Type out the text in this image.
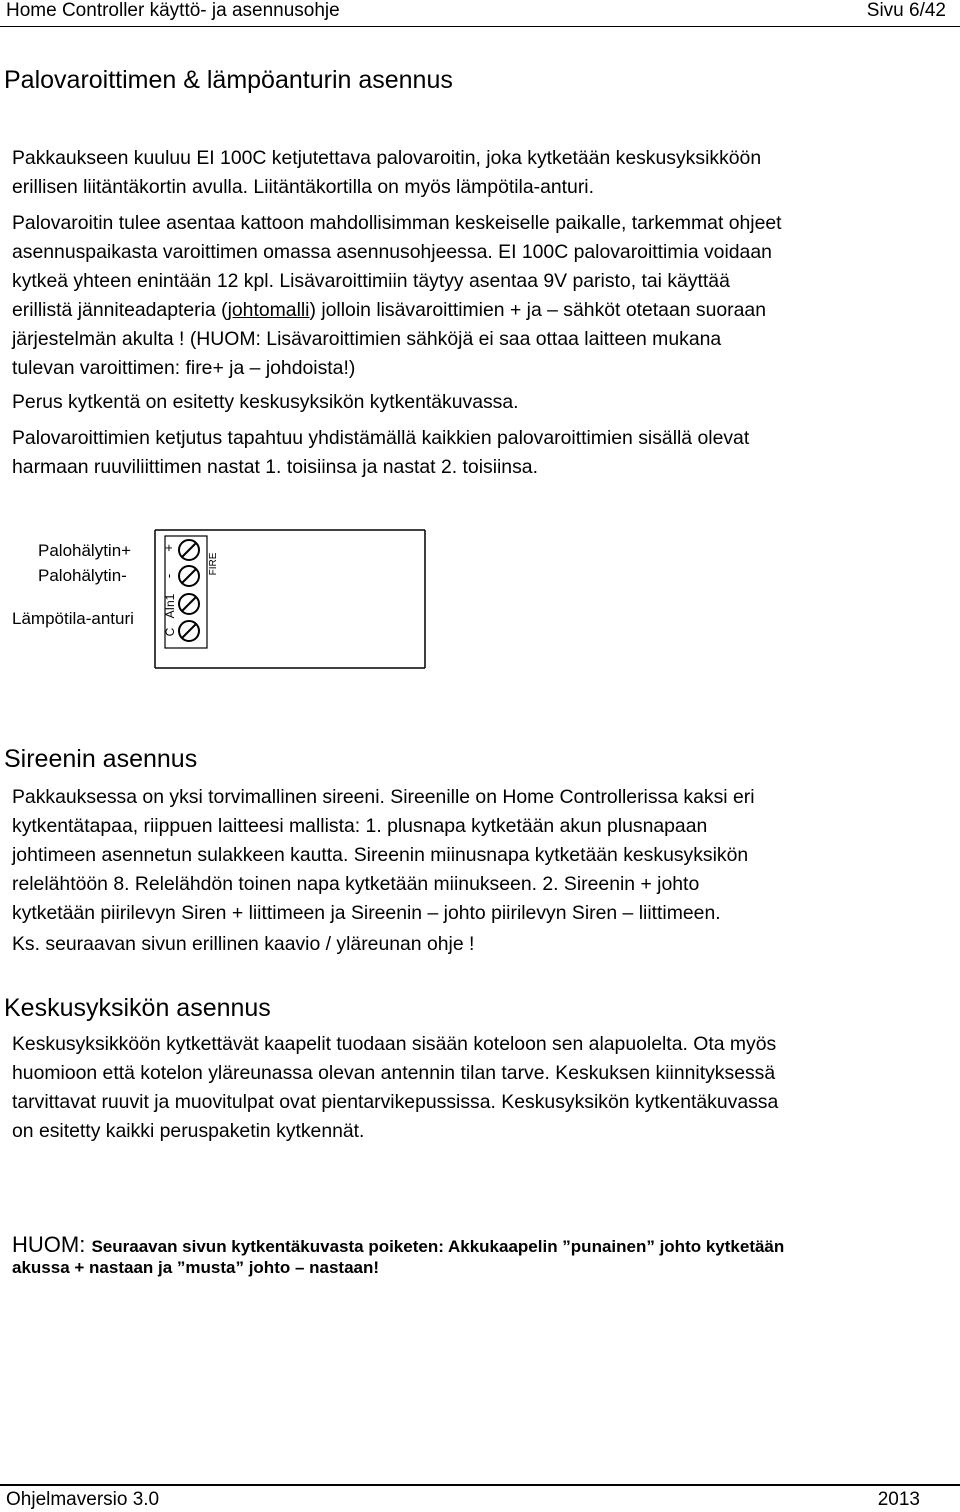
Home Controller käyttö- ja asennusohje	Sivu 6/42
Palovaroittimen & lämpöanturin asennus

Pakkaukseen kuuluu EI 100C ketjutettava palovaroitin, joka kytketään keskusyksikköön
erillisen liitäntäkortin avulla. Liitäntäkortilla on myös lämpötila-anturi.

Palovaroitin tulee asentaa kattoon mahdollisimman keskeiselle paikalle, tarkemmat ohjeet
asennuspaikasta varoittimen omassa asennusohjeessa. EI 100C palovaroittimia voidaan
kytkeä yhteen enintään 12 kpl. Lisävaroittimiin täytyy asentaa 9V paristo, tai käyttää
erillistä jänniteadapteria (johtomalli) jolloin lisävaroittimien + ja – sähköt otetaan suoraan
järjestelmän akulta ! (HUOM: Lisävaroittimien sähköjä ei saa ottaa laitteen mukana
tulevan varoittimen: fire+ ja – johdoista!)

Perus kytkentä on esitetty keskusyksikön kytkentäkuvassa.

Palovaroittimien ketjutus tapahtuu yhdistämällä kaikkien palovaroittimien sisällä olevat
harmaan ruuviliittimen nastat 1. toisiinsa ja nastat 2. toisiinsa.

+
-
AIn1
C
FIRE
Palohälytin+
Palohälytin-
Lämpötila-anturi
Sireenin asennus

Pakkauksessa on yksi torvimallinen sireeni. Sireenille on Home Controllerissa kaksi eri
kytkentätapaa, riippuen laitteesi mallista: 1. plusnapa kytketään akun plusnapaan
johtimeen asennetun sulakkeen kautta. Sireenin miinusnapa kytketään keskusyksikön
relelähtöön 8. Relelähdön toinen napa kytketään miinukseen. 2. Sireenin + johto
kytketään piirilevyn Siren + liittimeen ja Sireenin – johto piirilevyn Siren – liittimeen.

Ks. seuraavan sivun erillinen kaavio / yläreunan ohje !

Keskusyksikön asennus

Keskusyksikköön kytkettävät kaapelit tuodaan sisään koteloon sen alapuolelta. Ota myös
huomioon että kotelon yläreunassa olevan antennin tilan tarve. Keskuksen kiinnityksessä
tarvittavat ruuvit ja muovitulpat ovat pientarvikepussissa. Keskusyksikön kytkentäkuvassa
on esitetty kaikki peruspaketin kytkennät.

HUOM: Seuraavan sivun kytkentäkuvasta poiketen: Akkukaapelin ”punainen” johto kytketään
akussa + nastaan ja ”musta” johto – nastaan!
Ohjelmaversio 3.0	2013
